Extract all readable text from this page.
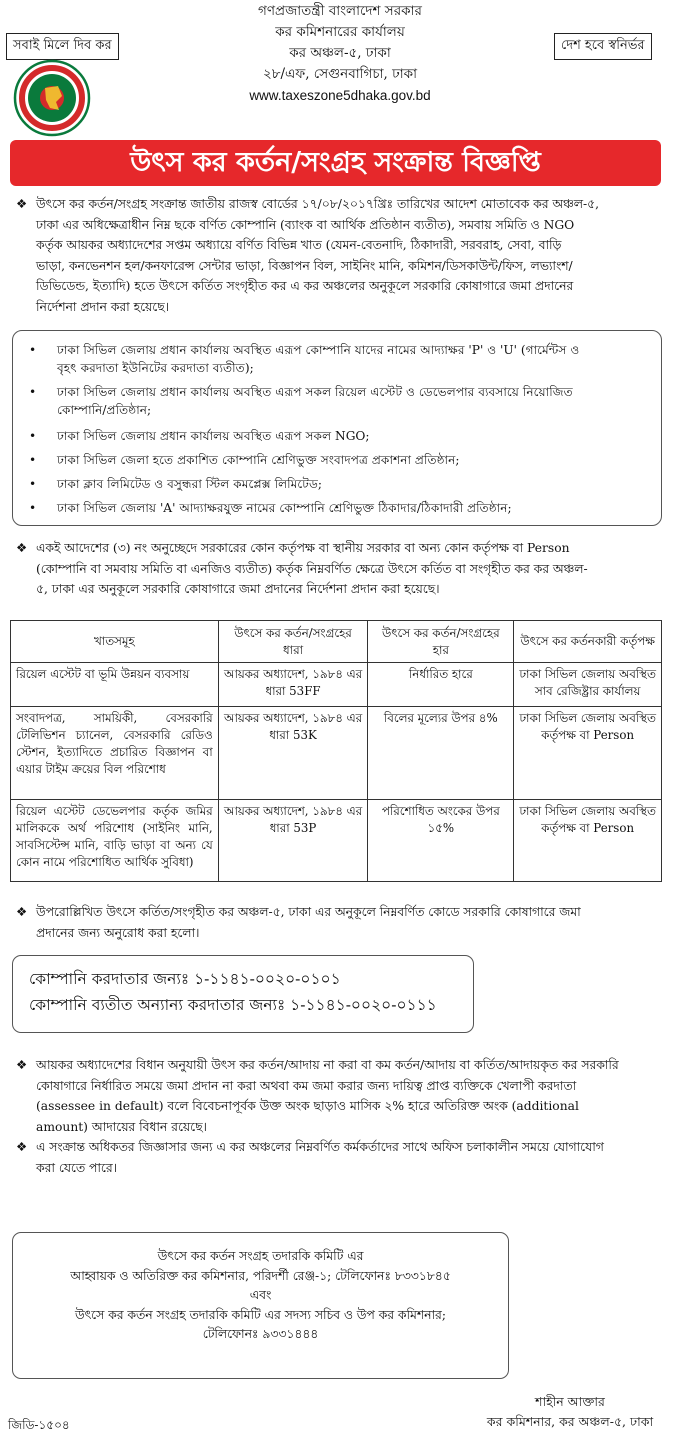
সবাই মিলে দিব কর	দেশ হবে স্বনির্ভর
গণপ্রজাতন্ত্রী বাংলাদেশ সরকার
কর কমিশনারের কার্যালয়
কর অঞ্চল-৫, ঢাকা
২৮/এফ, সেগুনবাগিচা, ঢাকা
www.taxeszone5dhaka.gov.bd
উৎস কর কর্তন/সংগ্রহ সংক্রান্ত বিজ্ঞপ্তি
❖ উৎসে কর কর্তন/সংগ্রহ সংক্রান্ত জাতীয় রাজস্ব বোর্ডের ১৭/০৮/২০১৭খ্রিঃ তারিখের আদেশ মোতাবেক কর অঞ্চল-৫,
ঢাকা এর অধিক্ষেত্রাধীন নিম্ন ছকে বর্ণিত কোম্পানি (ব্যাংক বা আর্থিক প্রতিষ্ঠান ব্যতীত), সমবায় সমিতি ও NGO
কর্তৃক আয়কর অধ্যাদেশের সপ্তম অধ্যায়ে বর্ণিত বিভিন্ন খাত (যেমন-বেতনাদি, ঠিকাদারী, সরবরাহ, সেবা, বাড়ি
ভাড়া, কনভেনশন হল/কনফারেন্স সেন্টার ভাড়া, বিজ্ঞাপন বিল, সাইনিং মানি, কমিশন/ডিসকাউন্ট/ফিস, লভ্যাংশ/
ডিভিডেন্ড, ইত্যাদি) হতে উৎসে কর্তিত সংগৃহীত কর এ কর অঞ্চলের অনুকূলে সরকারি কোষাগারে জমা প্রদানের
নির্দেশনা প্রদান করা হয়েছে।
• ঢাকা সিভিল জেলায় প্রধান কার্যালয় অবস্থিত এরূপ কোম্পানি যাদের নামের আদ্যাক্ষর 'P' ও 'U' (গার্মেন্টস ও
বৃহৎ করদাতা ইউনিটের করদাতা ব্যতীত);
• ঢাকা সিভিল জেলায় প্রধান কার্যালয় অবস্থিত এরূপ সকল রিয়েল এস্টেট ও ডেভেলপার ব্যবসায়ে নিয়োজিত
কোম্পানি/প্রতিষ্ঠান;
• ঢাকা সিভিল জেলায় প্রধান কার্যালয় অবস্থিত এরূপ সকল NGO;
• ঢাকা সিভিল জেলা হতে প্রকাশিত কোম্পানি শ্রেণিভুক্ত সংবাদপত্র প্রকাশনা প্রতিষ্ঠান;
• ঢাকা ক্লাব লিমিটেড ও বসুন্ধরা স্টিল কমপ্লেক্স লিমিটেড;
• ঢাকা সিভিল জেলায় 'A' আদ্যাক্ষরযুক্ত নামের কোম্পানি শ্রেণিভুক্ত ঠিকাদার/ঠিকাদারী প্রতিষ্ঠান;
❖ একই আদেশের (৩) নং অনুচ্ছেদে সরকারের কোন কর্তৃপক্ষ বা স্থানীয় সরকার বা অন্য কোন কর্তৃপক্ষ বা Person
(কোম্পানি বা সমবায় সমিতি বা এনজিও ব্যতীত) কর্তৃক নিম্নবর্ণিত ক্ষেত্রে উৎসে কর্তিত বা সংগৃহীত কর কর অঞ্চল-
৫, ঢাকা এর অনুকূলে সরকারি কোষাগারে জমা প্রদানের নির্দেশনা প্রদান করা হয়েছে।
খাতসমূহ	উৎসে কর কর্তন/সংগ্রহের ধারা	উৎসে কর কর্তন/সংগ্রহের হার	উৎসে কর কর্তনকারী কর্তৃপক্ষ
রিয়েল এস্টেট বা ভূমি উন্নয়ন ব্যবসায়	আয়কর অধ্যাদেশ, ১৯৮৪ এর ধারা 53FF	নির্ধারিত হারে	ঢাকা সিভিল জেলায় অবস্থিত সাব রেজিষ্ট্রার কার্যালয়
সংবাদপত্র, সাময়িকী, বেসরকারি টেলিভিশন চ্যানেল, বেসরকারি রেডিও স্টেশন, ইত্যাদিতে প্রচারিত বিজ্ঞাপন বা এয়ার টাইম ক্রয়ের বিল পরিশোধ	আয়কর অধ্যাদেশ, ১৯৮৪ এর ধারা 53K	বিলের মূল্যের উপর ৪%	ঢাকা সিভিল জেলায় অবস্থিত কর্তৃপক্ষ বা Person
রিয়েল এস্টেট ডেভেলপার কর্তৃক জমির মালিককে অর্থ পরিশোধ (সাইনিং মানি, সাবসিস্টেন্স মানি, বাড়ি ভাড়া বা অন্য যে কোন নামে পরিশোধিত আর্থিক সুবিধা)	আয়কর অধ্যাদেশ, ১৯৮৪ এর ধারা 53P	পরিশোধিত অংকের উপর ১৫%	ঢাকা সিভিল জেলায় অবস্থিত কর্তৃপক্ষ বা Person
❖ উপরোল্লিখিত উৎসে কর্তিত/সংগৃহীত কর অঞ্চল-৫, ঢাকা এর অনুকূলে নিম্নবর্ণিত কোডে সরকারি কোষাগারে জমা
প্রদানের জন্য অনুরোধ করা হলো।
কোম্পানি করদাতার জন্যঃ ১-১১৪১-০০২০-০১০১
কোম্পানি ব্যতীত অন্যান্য করদাতার জন্যঃ ১-১১৪১-০০২০-০১১১
❖ আয়কর অধ্যাদেশের বিধান অনুযায়ী উৎস কর কর্তন/আদায় না করা বা কম কর্তন/আদায় বা কর্তিত/আদায়কৃত কর সরকারি
কোষাগারে নির্ধারিত সময়ে জমা প্রদান না করা অথবা কম জমা করার জন্য দায়িত্ব প্রাপ্ত ব্যক্তিকে খেলাপী করদাতা
(assessee in default) বলে বিবেচনাপূর্বক উক্ত অংক ছাড়াও মাসিক ২% হারে অতিরিক্ত অংক (additional
amount) আদায়ের বিধান রয়েছে।
❖ এ সংক্রান্ত অধিকতর জিজ্ঞাসার জন্য এ কর অঞ্চলের নিম্নবর্ণিত কর্মকর্তাদের সাথে অফিস চলাকালীন সময়ে যোগাযোগ
করা যেতে পারে।
উৎসে কর কর্তন সংগ্রহ তদারকি কমিটি এর
আহ্বায়ক ও অতিরিক্ত কর কমিশনার, পরিদর্শী রেঞ্জ-১; টেলিফোনঃ ৮৩৩১৮৪৫
এবং
উৎসে কর কর্তন সংগ্রহ তদারকি কমিটি এর সদস্য সচিব ও উপ কর কমিশনার;
টেলিফোনঃ ৯৩৩১৪৪৪
শাহীন আক্তার
কর কমিশনার, কর অঞ্চল-৫, ঢাকা
জিডি-১৫০৪
